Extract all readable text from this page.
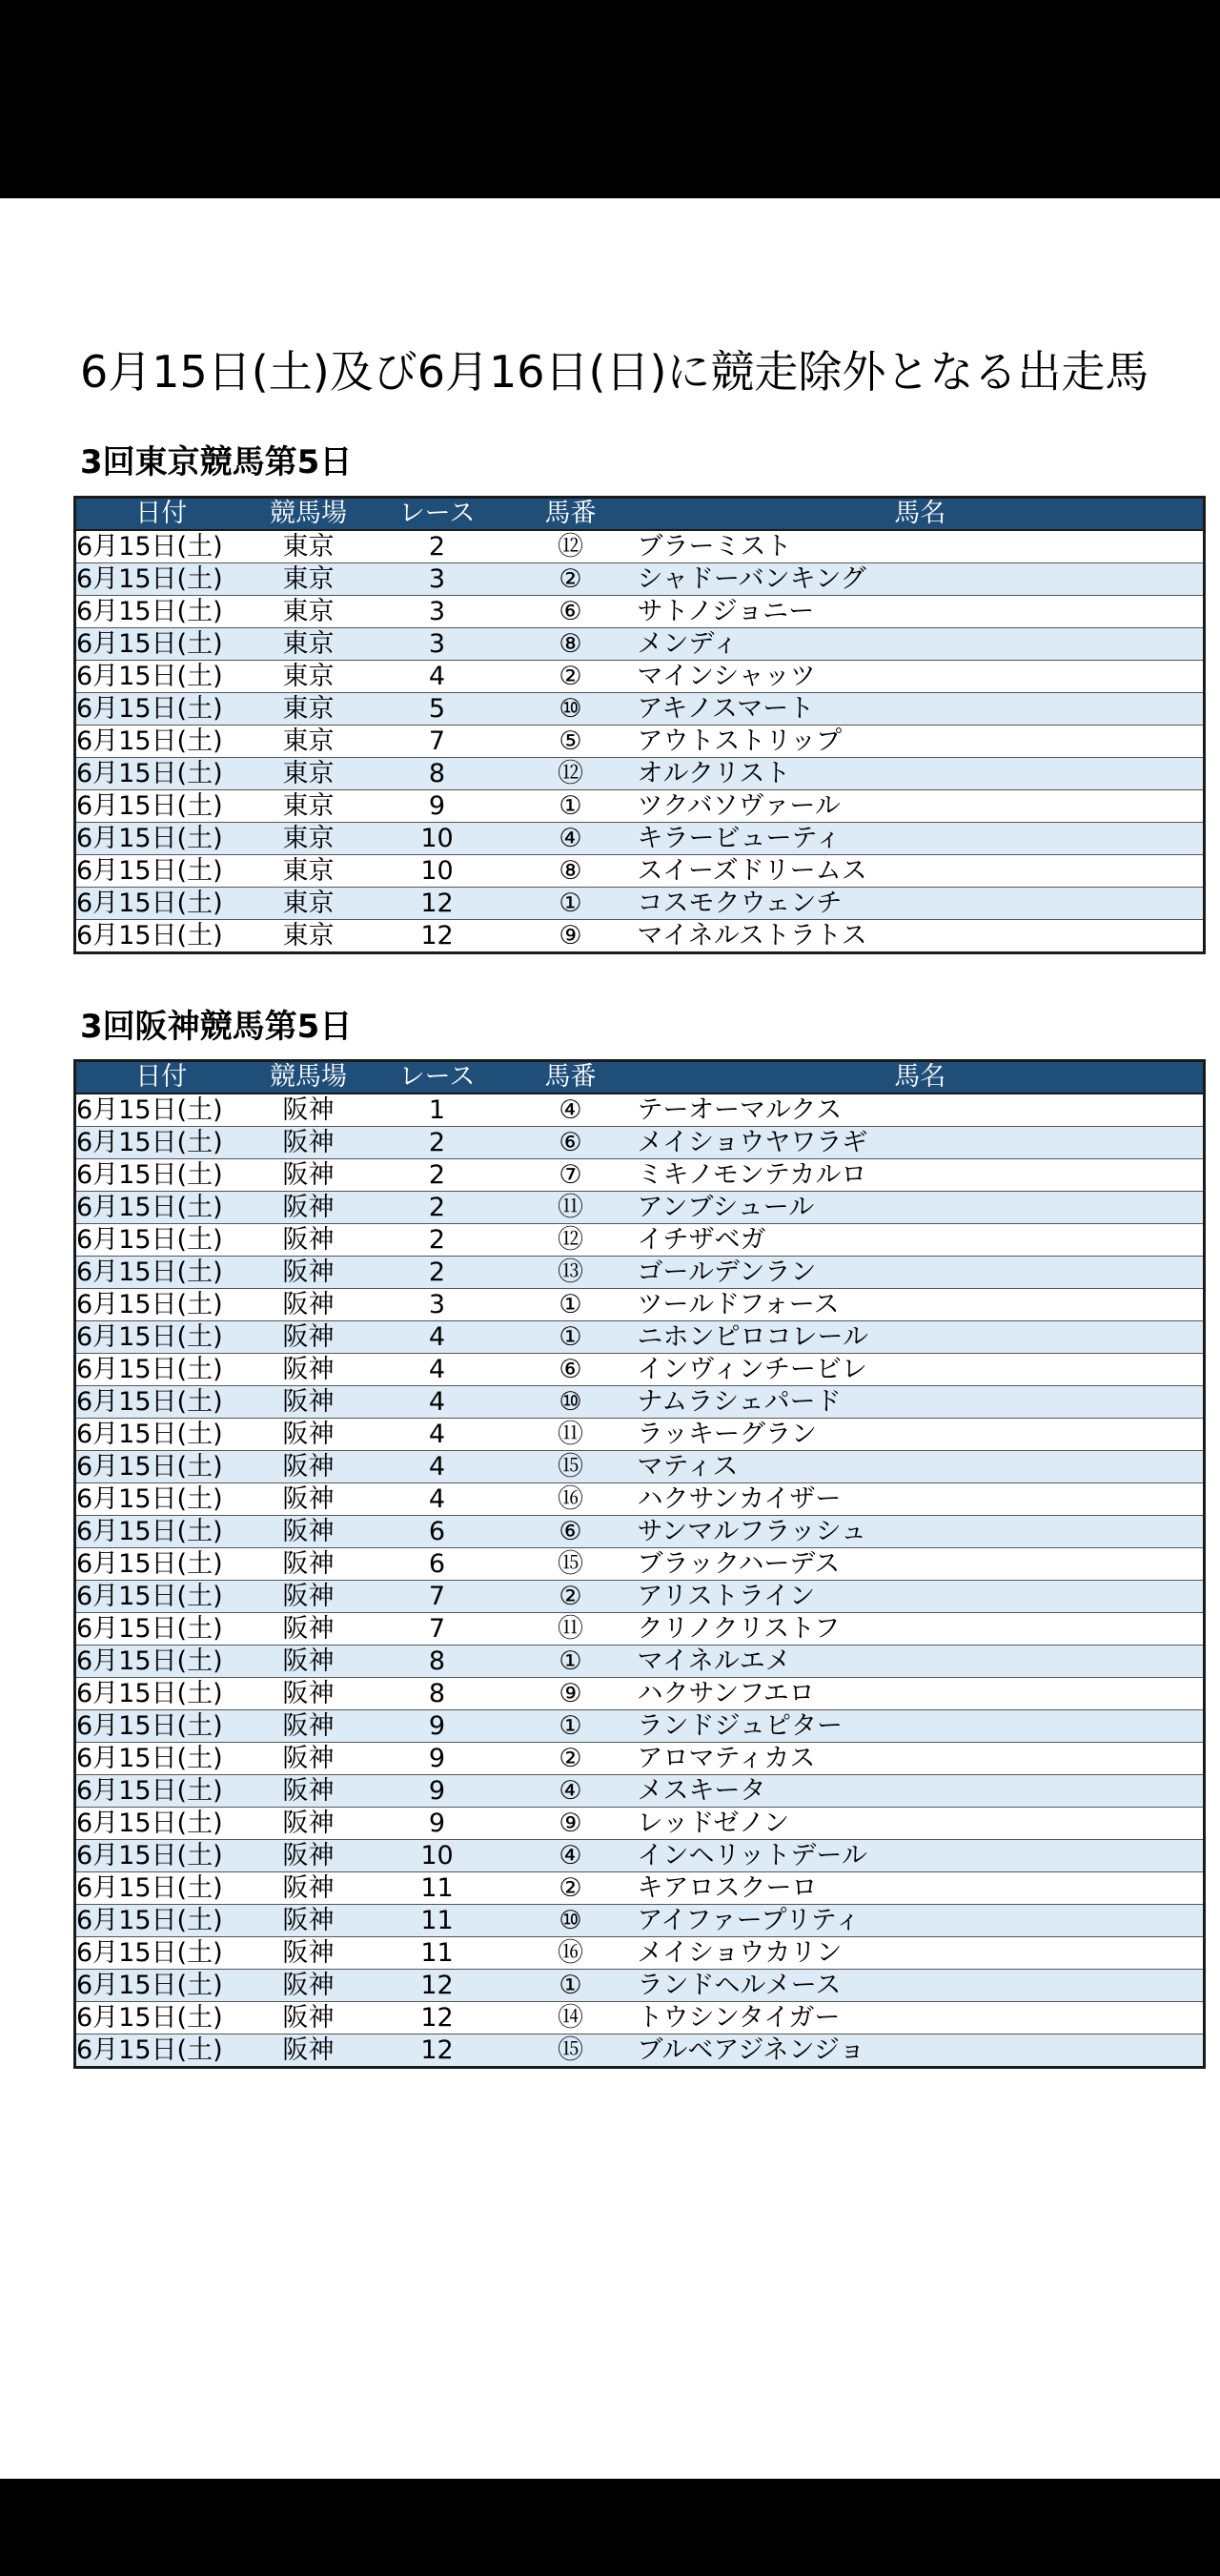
6月15日(土)及び6月16日(日)に競走除外となる出走馬
3回東京競馬第5日
日付	競馬場	レース	馬番	馬名
6月15日(土)	東京	2	⑫	ブラーミスト
6月15日(土)	東京	3	②	シャドーバンキング
6月15日(土)	東京	3	⑥	サトノジョニー
6月15日(土)	東京	3	⑧	メンディ
6月15日(土)	東京	4	②	マインシャッツ
6月15日(土)	東京	5	⑩	アキノスマート
6月15日(土)	東京	7	⑤	アウトストリップ
6月15日(土)	東京	8	⑫	オルクリスト
6月15日(土)	東京	9	①	ツクバソヴァール
6月15日(土)	東京	10	④	キラービューティ
6月15日(土)	東京	10	⑧	スイーズドリームス
6月15日(土)	東京	12	①	コスモクウェンチ
6月15日(土)	東京	12	⑨	マイネルストラトス
3回阪神競馬第5日
日付	競馬場	レース	馬番	馬名
6月15日(土)	阪神	1	④	テーオーマルクス
6月15日(土)	阪神	2	⑥	メイショウヤワラギ
6月15日(土)	阪神	2	⑦	ミキノモンテカルロ
6月15日(土)	阪神	2	⑪	アンブシュール
6月15日(土)	阪神	2	⑫	イチザベガ
6月15日(土)	阪神	2	⑬	ゴールデンラン
6月15日(土)	阪神	3	①	ツールドフォース
6月15日(土)	阪神	4	①	ニホンピロコレール
6月15日(土)	阪神	4	⑥	インヴィンチービレ
6月15日(土)	阪神	4	⑩	ナムラシェパード
6月15日(土)	阪神	4	⑪	ラッキーグラン
6月15日(土)	阪神	4	⑮	マティス
6月15日(土)	阪神	4	⑯	ハクサンカイザー
6月15日(土)	阪神	6	⑥	サンマルフラッシュ
6月15日(土)	阪神	6	⑮	ブラックハーデス
6月15日(土)	阪神	7	②	アリストライン
6月15日(土)	阪神	7	⑪	クリノクリストフ
6月15日(土)	阪神	8	①	マイネルエメ
6月15日(土)	阪神	8	⑨	ハクサンフエロ
6月15日(土)	阪神	9	①	ランドジュピター
6月15日(土)	阪神	9	②	アロマティカス
6月15日(土)	阪神	9	④	メスキータ
6月15日(土)	阪神	9	⑨	レッドゼノン
6月15日(土)	阪神	10	④	インヘリットデール
6月15日(土)	阪神	11	②	キアロスクーロ
6月15日(土)	阪神	11	⑩	アイファープリティ
6月15日(土)	阪神	11	⑯	メイショウカリン
6月15日(土)	阪神	12	①	ランドヘルメース
6月15日(土)	阪神	12	⑭	トウシンタイガー
6月15日(土)	阪神	12	⑮	ブルベアジネンジョ
